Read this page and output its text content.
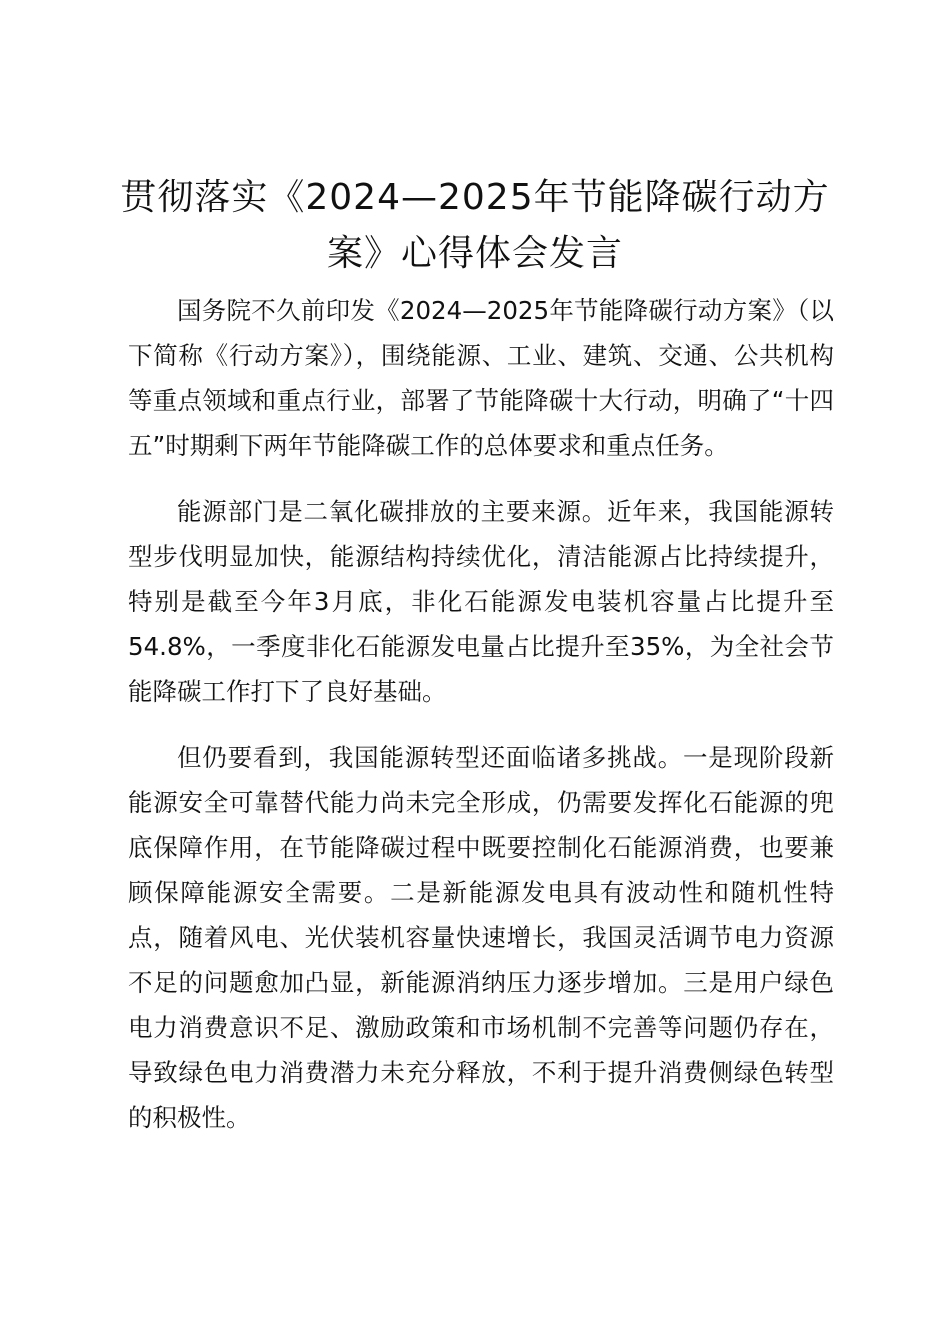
贯彻落实《2024—2025年节能降碳行动方案》心得体会发言

国务院不久前印发《2024—2025年节能降碳行动方案》（以下简称《行动方案》），围绕能源、工业、建筑、交通、公共机构等重点领域和重点行业，部署了节能降碳十大行动，明确了“十四五”时期剩下两年节能降碳工作的总体要求和重点任务。

能源部门是二氧化碳排放的主要来源。近年来，我国能源转型步伐明显加快，能源结构持续优化，清洁能源占比持续提升，特别是截至今年3月底，非化石能源发电装机容量占比提升至54.8%，一季度非化石能源发电量占比提升至35%，为全社会节能降碳工作打下了良好基础。

但仍要看到，我国能源转型还面临诸多挑战。一是现阶段新能源安全可靠替代能力尚未完全形成，仍需要发挥化石能源的兜底保障作用，在节能降碳过程中既要控制化石能源消费，也要兼顾保障能源安全需要。二是新能源发电具有波动性和随机性特点，随着风电、光伏装机容量快速增长，我国灵活调节电力资源不足的问题愈加凸显，新能源消纳压力逐步增加。三是用户绿色电力消费意识不足、激励政策和市场机制不完善等问题仍存在，导致绿色电力消费潜力未充分释放，不利于提升消费侧绿色转型的积极性。
